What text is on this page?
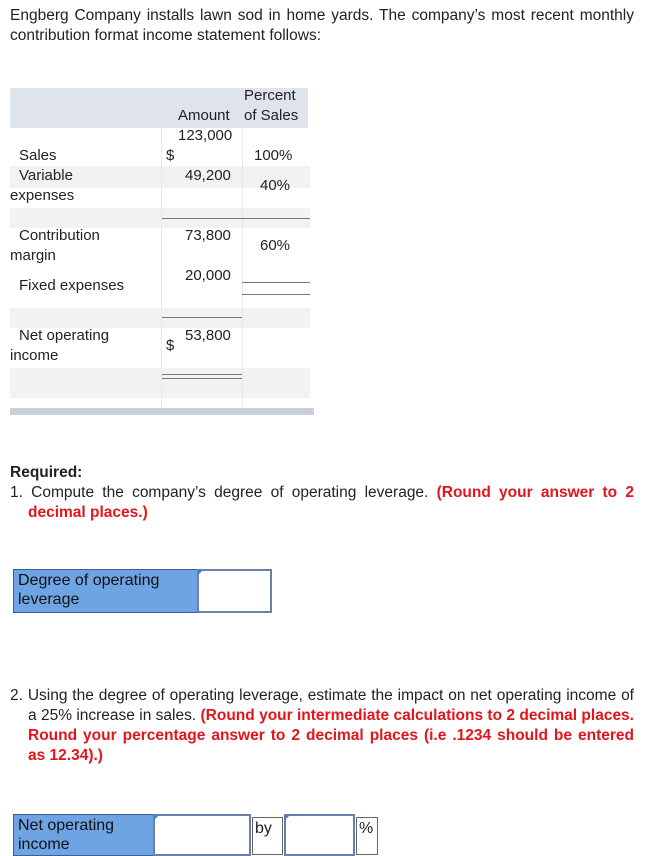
Engberg Company installs lawn sod in home yards. The company’s most recent monthly contribution format income statement follows:
Percent
Amount of Sales
Sales	$
123,000
100%
Variable
expenses
49,200
40%
Contribution
margin
73,800
60%
Fixed expenses
20,000
Net operating
income
$
53,800
Required:
1. Compute the company’s degree of operating leverage. (Round your answer to 2 decimal places.)
Degree of operating leverage
2. Using the degree of operating leverage, estimate the impact on net operating income of a 25% increase in sales. (Round your intermediate calculations to 2 decimal places. Round your percentage answer to 2 decimal places (i.e .1234 should be entered as 12.34).)
Net operating income
by	%
